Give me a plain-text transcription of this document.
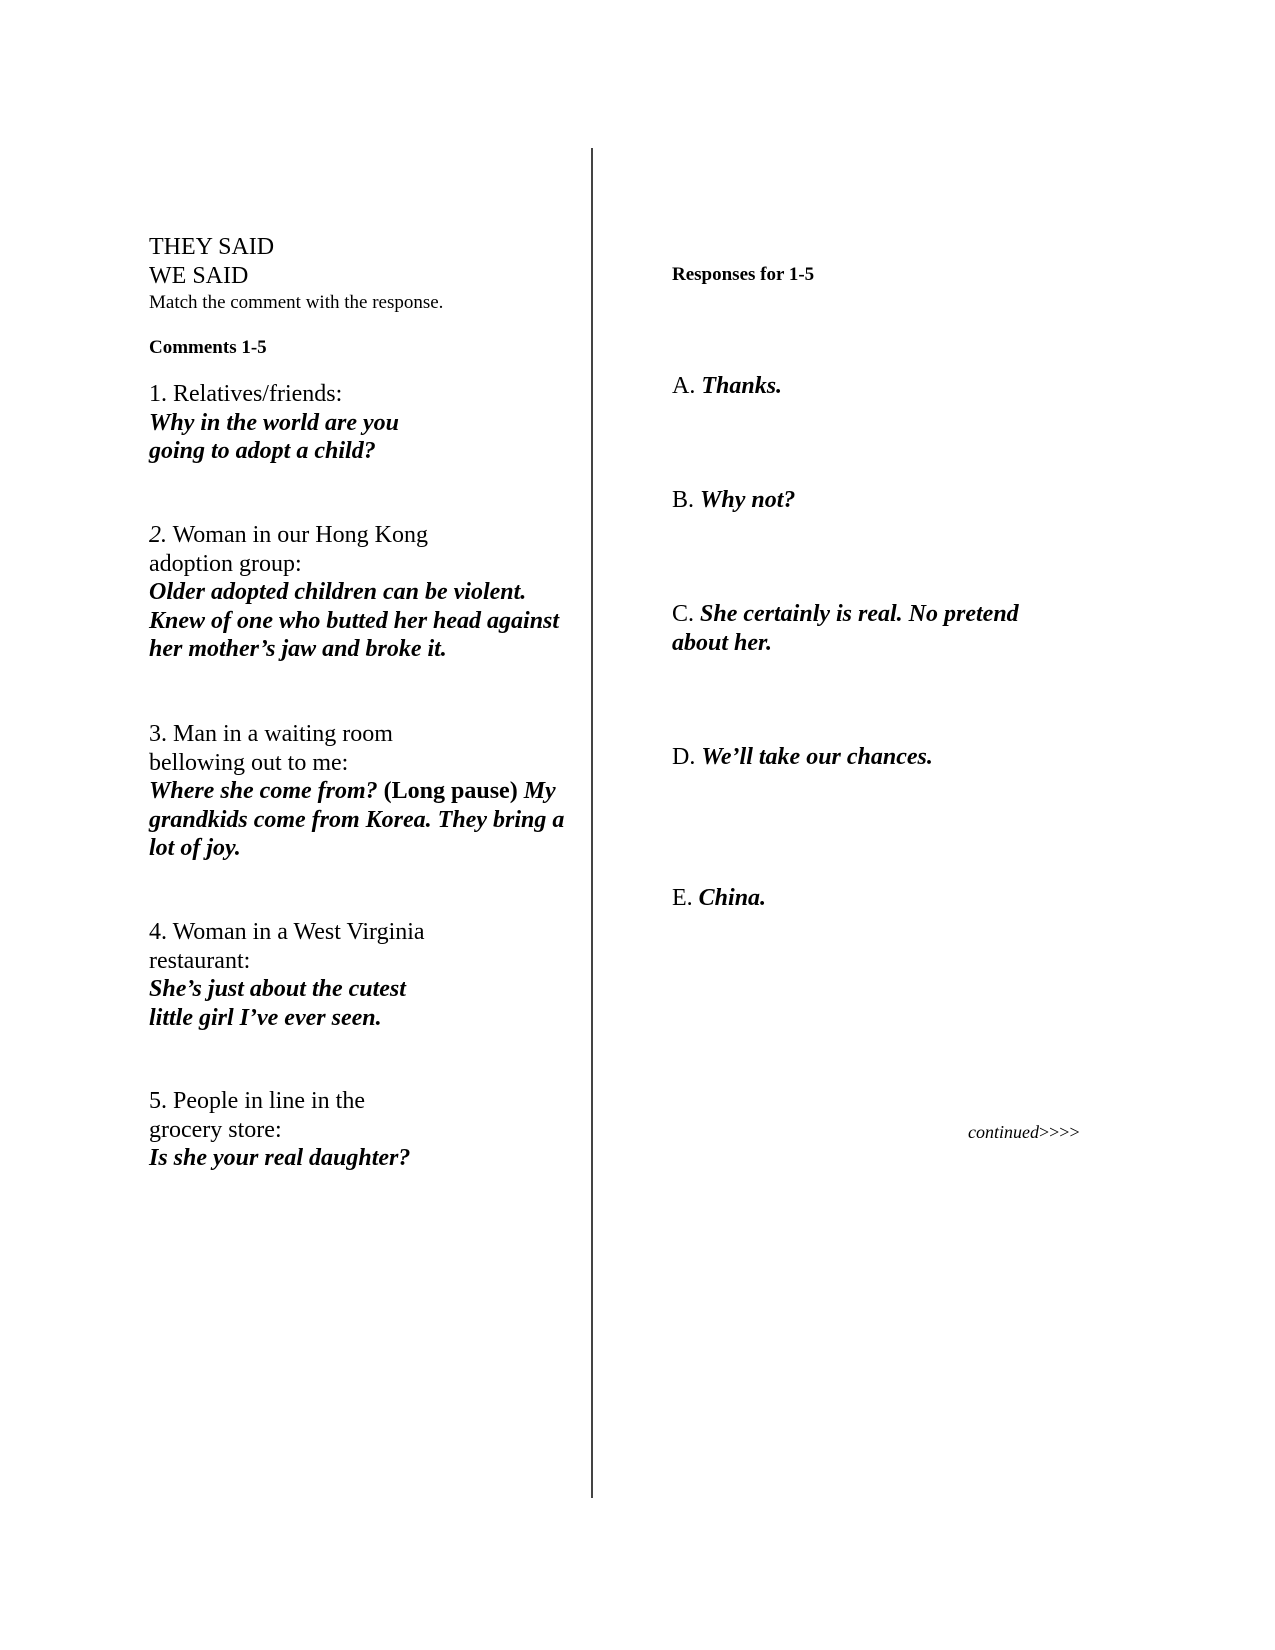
THEY SAID
WE SAID
Match the comment with the response.
Comments 1-5
1. Relatives/friends:
Why in the world are you
going to adopt a child?
2. Woman in our Hong Kong
adoption group:
Older adopted children can be violent.
Knew of one who butted her head against
her mother’s jaw and broke it.
3. Man in a waiting room
bellowing out to me:
Where she come from? (Long pause) My
grandkids come from Korea. They bring a
lot of joy.
4. Woman in a West Virginia
restaurant:
She’s just about the cutest
little girl I’ve ever seen.
5. People in line in the
grocery store:
Is she your real daughter?
Responses for 1-5
A. Thanks.
B. Why not?
C. She certainly is real. No pretend
about her.
D. We’ll take our chances.
E. China.
continued>>>>
